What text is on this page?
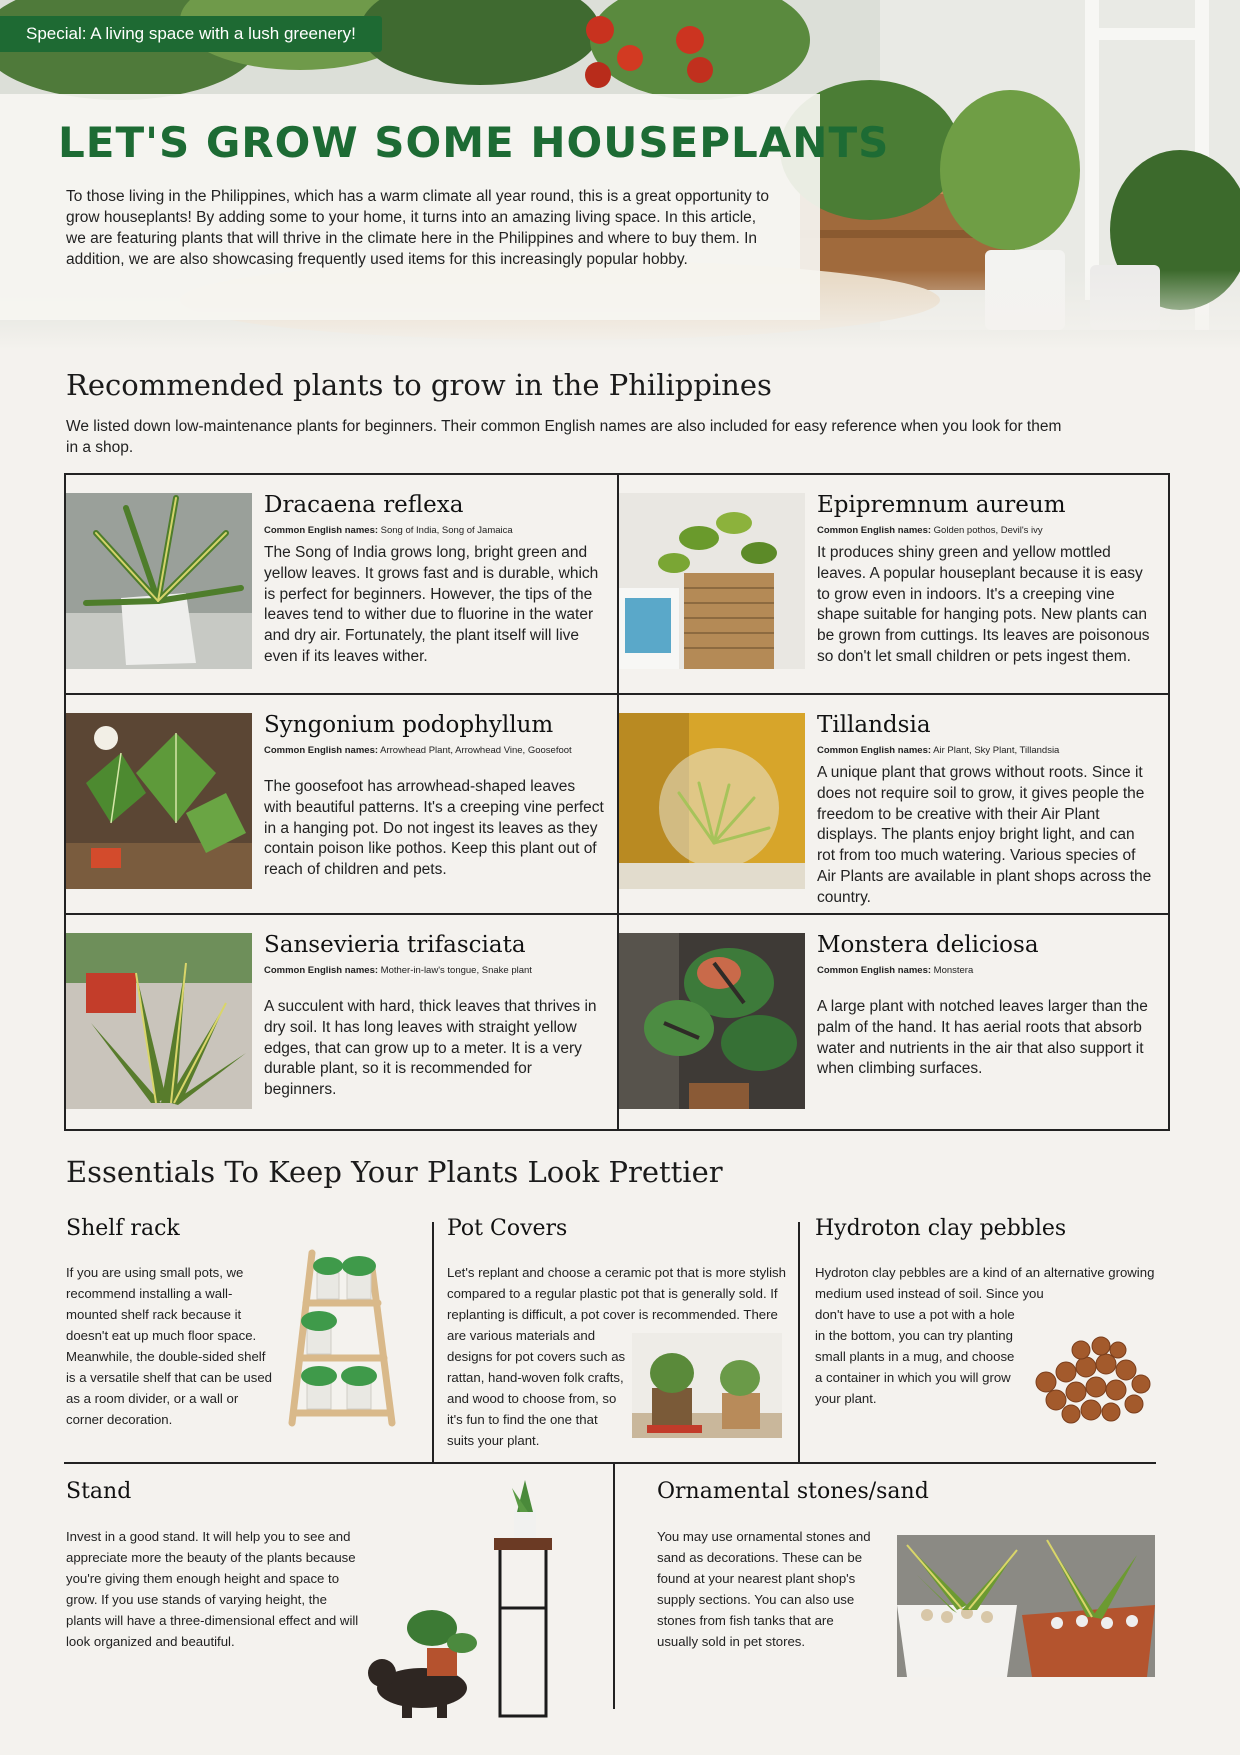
Special: A living space with a lush greenery!
LET'S GROW SOME HOUSEPLANTS
To those living in the Philippines, which has a warm climate all year round, this is a great opportunity to grow houseplants! By adding some to your home, it turns into an amazing living space. In this article, we are featuring plants that will thrive in the climate here in the Philippines and where to buy them. In addition, we are also showcasing frequently used items for this increasingly popular hobby.
Recommended plants to grow in the Philippines
We listed down low-maintenance plants for beginners. Their common English names are also included for easy reference when you look for them in a shop.
Dracaena reflexa
Common English names: Song of India, Song of Jamaica
The Song of India grows long, bright green and yellow leaves. It grows fast and is durable, which is perfect for beginners. However, the tips of the leaves tend to wither due to fluorine in the water and dry air. Fortunately, the plant itself will live even if its leaves wither.
Epipremnum aureum
Common English names: Golden pothos, Devil's ivy
It produces shiny green and yellow mottled leaves. A popular houseplant because it is easy to grow even in indoors. It's a creeping vine shape suitable for hanging pots. New plants can be grown from cuttings. Its leaves are poisonous so don't let small children or pets ingest them.
Syngonium podophyllum
Common English names: Arrowhead Plant, Arrowhead Vine, Goosefoot
The goosefoot has arrowhead-shaped leaves with beautiful patterns. It's a creeping vine perfect in a hanging pot. Do not ingest its leaves as they contain poison like pothos. Keep this plant out of reach of children and pets.
Tillandsia
Common English names: Air Plant, Sky Plant, Tillandsia
A unique plant that grows without roots. Since it does not require soil to grow, it gives people the freedom to be creative with their Air Plant displays. The plants enjoy bright light, and can rot from too much watering. Various species of Air Plants are available in plant shops across the country.
Sansevieria trifasciata
Common English names: Mother-in-law's tongue, Snake plant
A succulent with hard, thick leaves that thrives in dry soil. It has long leaves with straight yellow edges, that can grow up to a meter. It is a very durable plant, so it is recommended for beginners.
Monstera deliciosa
Common English names: Monstera
A large plant with notched leaves larger than the palm of the hand. It has aerial roots that absorb water and nutrients in the air that also support it when climbing surfaces.
Essentials To Keep Your Plants Look Prettier
Shelf rack
If you are using small pots, we recommend installing a wall-mounted shelf rack because it doesn't eat up much floor space. Meanwhile, the double-sided shelf is a versatile shelf that can be used as a room divider, or a wall or corner decoration.
Pot Covers
Let's replant and choose a ceramic pot that is more stylish compared to a regular plastic pot that is generally sold. If replanting is difficult, a pot cover is recommended. There
are various materials and designs for pot covers such as rattan, hand-woven folk crafts, and wood to choose from, so it's fun to find the one that suits your plant.
Hydroton clay pebbles
Hydroton clay pebbles are a kind of an alternative growing medium used instead of soil. Since you
don't have to use a pot with a hole in the bottom, you can try planting small plants in a mug, and choose a container in which you will grow your plant.
Stand
Invest in a good stand. It will help you to see and appreciate more the beauty of the plants because you're giving them enough height and space to grow. If you use stands of varying height, the plants will have a three-dimensional effect and will look organized and beautiful.
Ornamental stones/sand
You may use ornamental stones and sand as decorations. These can be found at your nearest plant shop's supply sections. You can also use stones from fish tanks that are usually sold in pet stores.
